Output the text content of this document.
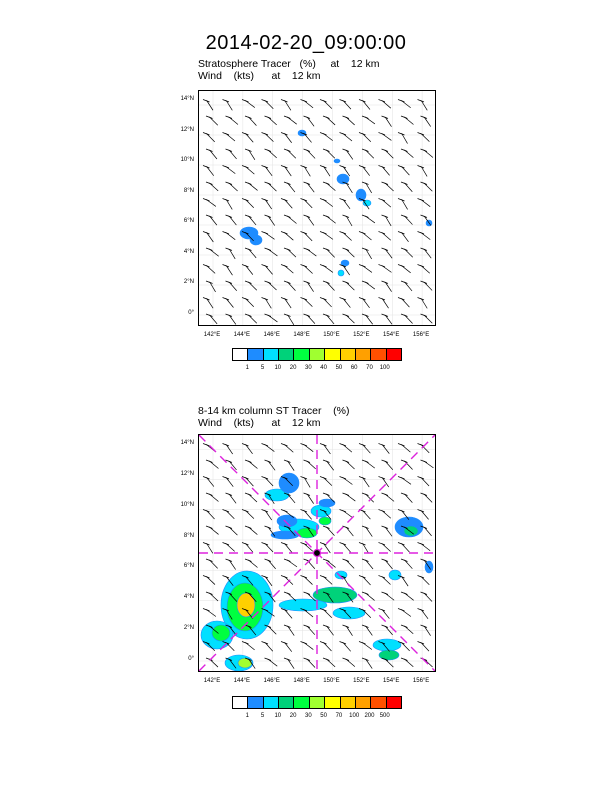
2014-02-20_09:00:00
Stratosphere Tracer   (%)     at    12 km
Wind    (kts)      at    12 km
14°N
12°N
10°N
8°N
6°N
4°N
2°N
0°
142°E	144°E	146°E	148°E	150°E	152°E	154°E	156°E
1	5	10	20	30	40	50	60	70	100
8-14 km column ST Tracer    (%)
Wind    (kts)      at    12 km
14°N
12°N
10°N
8°N
6°N
4°N
2°N
0°
142°E	144°E	146°E	148°E	150°E	152°E	154°E	156°E
1	5	10	20	30	50	70	100 200 500
